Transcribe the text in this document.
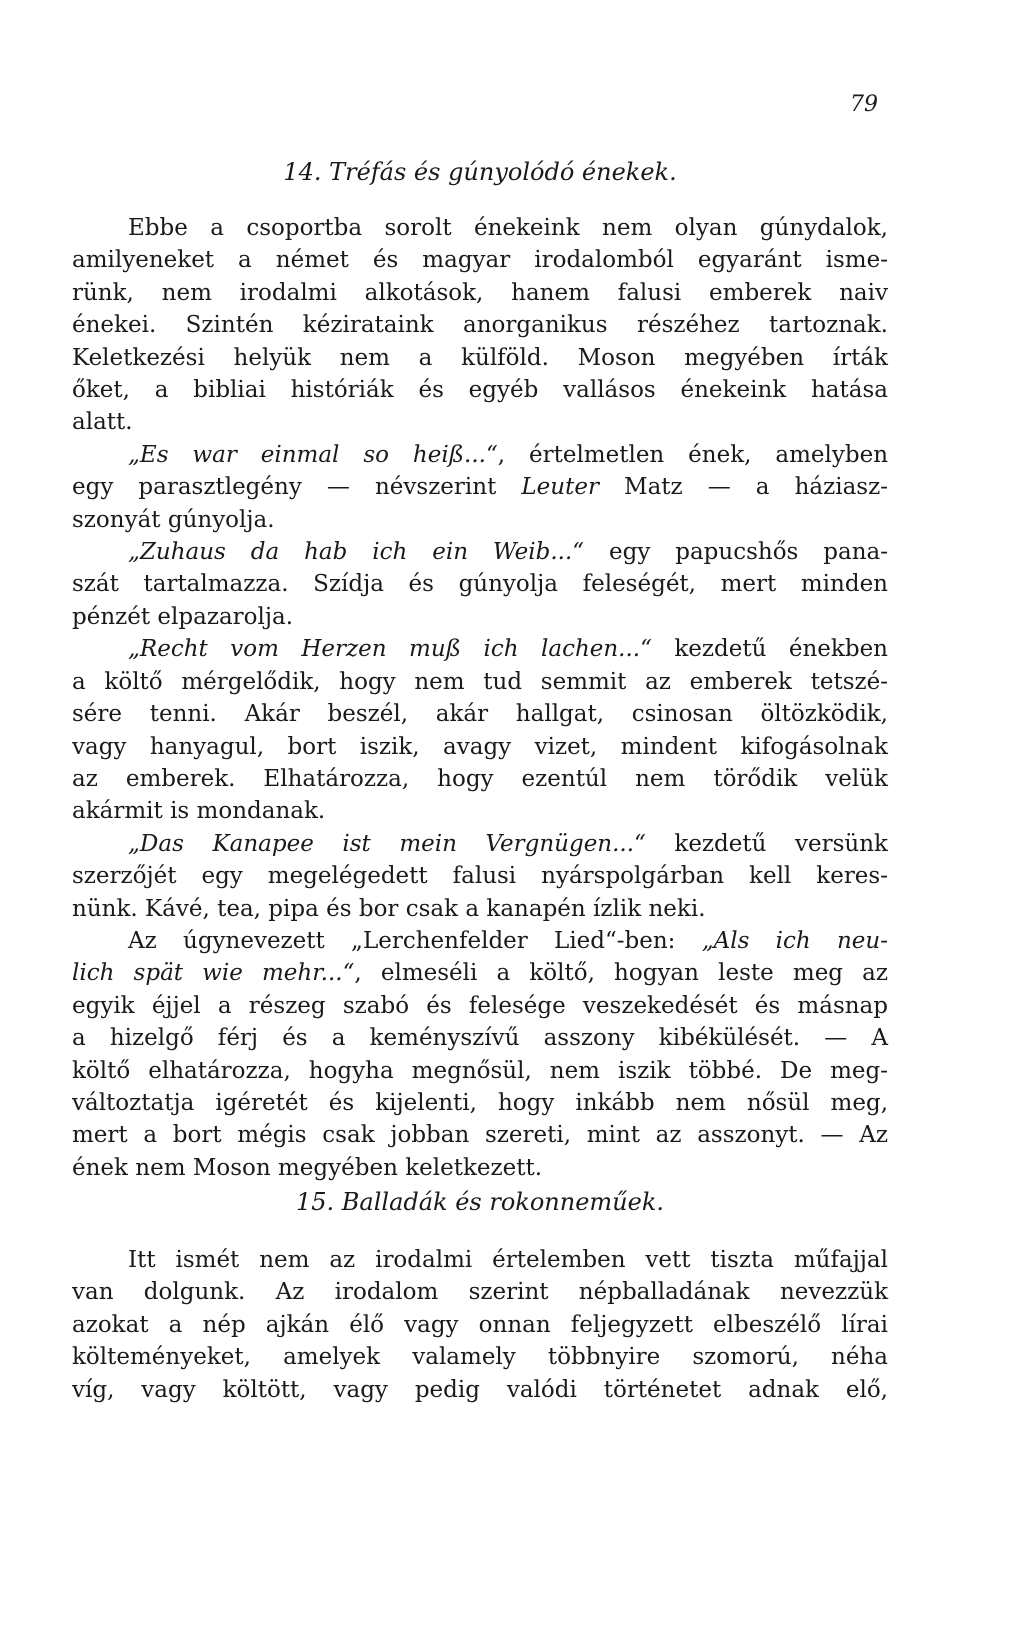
79
14. Tréfás és gúnyolódó énekek.
Ebbe a csoportba sorolt énekeink nem olyan gúnydalok,
amilyeneket a német és magyar irodalomból egyaránt isme-
rünk, nem irodalmi alkotások, hanem falusi emberek naiv
énekei. Szintén kézirataink anorganikus részéhez tartoznak.
Keletkezési helyük nem a külföld. Moson megyében írták
őket, a bibliai históriák és egyéb vallásos énekeink hatása
alatt.
„Es war einmal so heiß...“, értelmetlen ének, amelyben
egy parasztlegény — névszerint Leuter Matz — a háziasz-
szonyát gúnyolja.
„Zuhaus da hab ich ein Weib...“ egy papucshős pana-
szát tartalmazza. Szídja és gúnyolja feleségét, mert minden
pénzét elpazarolja.
„Recht vom Herzen muß ich lachen...“ kezdetű énekben
a költő mérgelődik, hogy nem tud semmit az emberek tetszé-
sére tenni. Akár beszél, akár hallgat, csinosan öltözködik,
vagy hanyagul, bort iszik, avagy vizet, mindent kifogásolnak
az emberek. Elhatározza, hogy ezentúl nem törődik velük
akármit is mondanak.
„Das Kanapee ist mein Vergnügen...“ kezdetű versünk
szerzőjét egy megelégedett falusi nyárspolgárban kell keres-
nünk. Kávé, tea, pipa és bor csak a kanapén ízlik neki.
Az úgynevezett „Lerchenfelder Lied“-ben: „Als ich neu-
lich spät wie mehr...“, elmeséli a költő, hogyan leste meg az
egyik éjjel a részeg szabó és felesége veszekedését és másnap
a hizelgő férj és a keményszívű asszony kibékülését. — A
költő elhatározza, hogyha megnősül, nem iszik többé. De meg-
változtatja igéretét és kijelenti, hogy inkább nem nősül meg,
mert a bort mégis csak jobban szereti, mint az asszonyt. — Az
ének nem Moson megyében keletkezett.
15. Balladák és rokonneműek.
Itt ismét nem az irodalmi értelemben vett tiszta műfajjal
van dolgunk. Az irodalom szerint népballadának nevezzük
azokat a nép ajkán élő vagy onnan feljegyzett elbeszélő lírai
költeményeket, amelyek valamely többnyire szomorú, néha
víg, vagy költött, vagy pedig valódi történetet adnak elő,
